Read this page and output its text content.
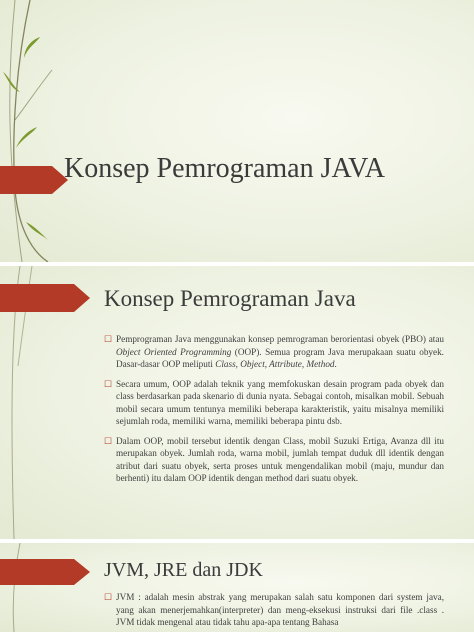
Konsep Pemrograman JAVA
Konsep Pemrograman Java
☐ Pemprograman Java menggunakan konsep pemrograman berorientasi obyek (PBO) atau Object Oriented Programming (OOP). Semua program Java merupakaan suatu obyek. Dasar-dasar OOP meliputi Class, Object, Attribute, Method.
☐ Secara umum, OOP adalah teknik yang memfokuskan desain program pada obyek dan class berdasarkan pada skenario di dunia nyata. Sebagai contoh, misalkan mobil. Sebuah mobil secara umum tentunya memiliki beberapa karakteristik, yaitu misalnya memiliki sejumlah roda, memiliki warna, memiliki beberapa pintu dsb.
☐ Dalam OOP, mobil tersebut identik dengan Class, mobil Suzuki Ertiga, Avanza dll itu merupakan obyek. Jumlah roda, warna mobil, jumlah tempat duduk dll identik dengan atribut dari suatu obyek, serta proses untuk mengendalikan mobil (maju, mundur dan berhenti) itu dalam OOP identik dengan method dari suatu obyek.
JVM, JRE dan JDK
☐ JVM : adalah mesin abstrak yang merupakan salah satu komponen dari system java, yang akan menerjemahkan(interpreter) dan meng-eksekusi instruksi dari file .class . JVM tidak mengenal atau tidak tahu apa-apa tentang Bahasa
